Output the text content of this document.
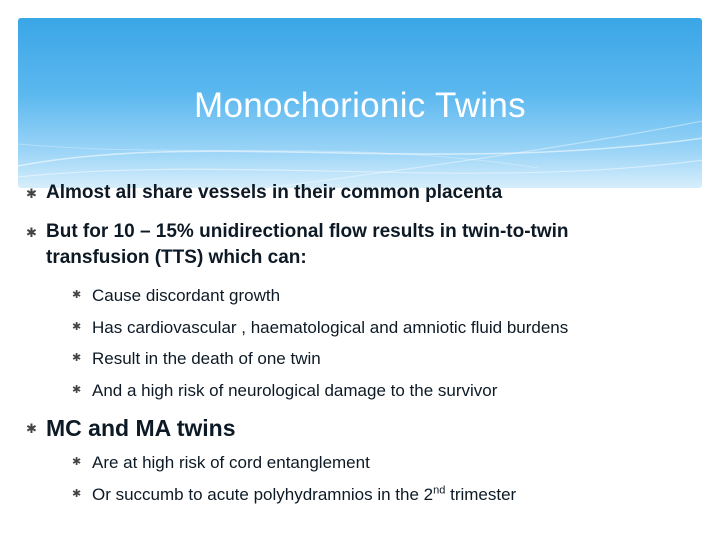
Monochorionic Twins
✱ Almost all share vessels in their common placenta
✱ But for 10 – 15% unidirectional flow results in twin-to-twin
transfusion (TTS) which can:
✱ Cause discordant growth
✱ Has cardiovascular , haematological and amniotic fluid burdens
✱ Result in the death of one twin
✱ And a high risk of neurological damage to the survivor
✱ MC and MA twins
✱ Are at high risk of cord entanglement
✱ Or succumb to acute polyhydramnios in the 2nd trimester
